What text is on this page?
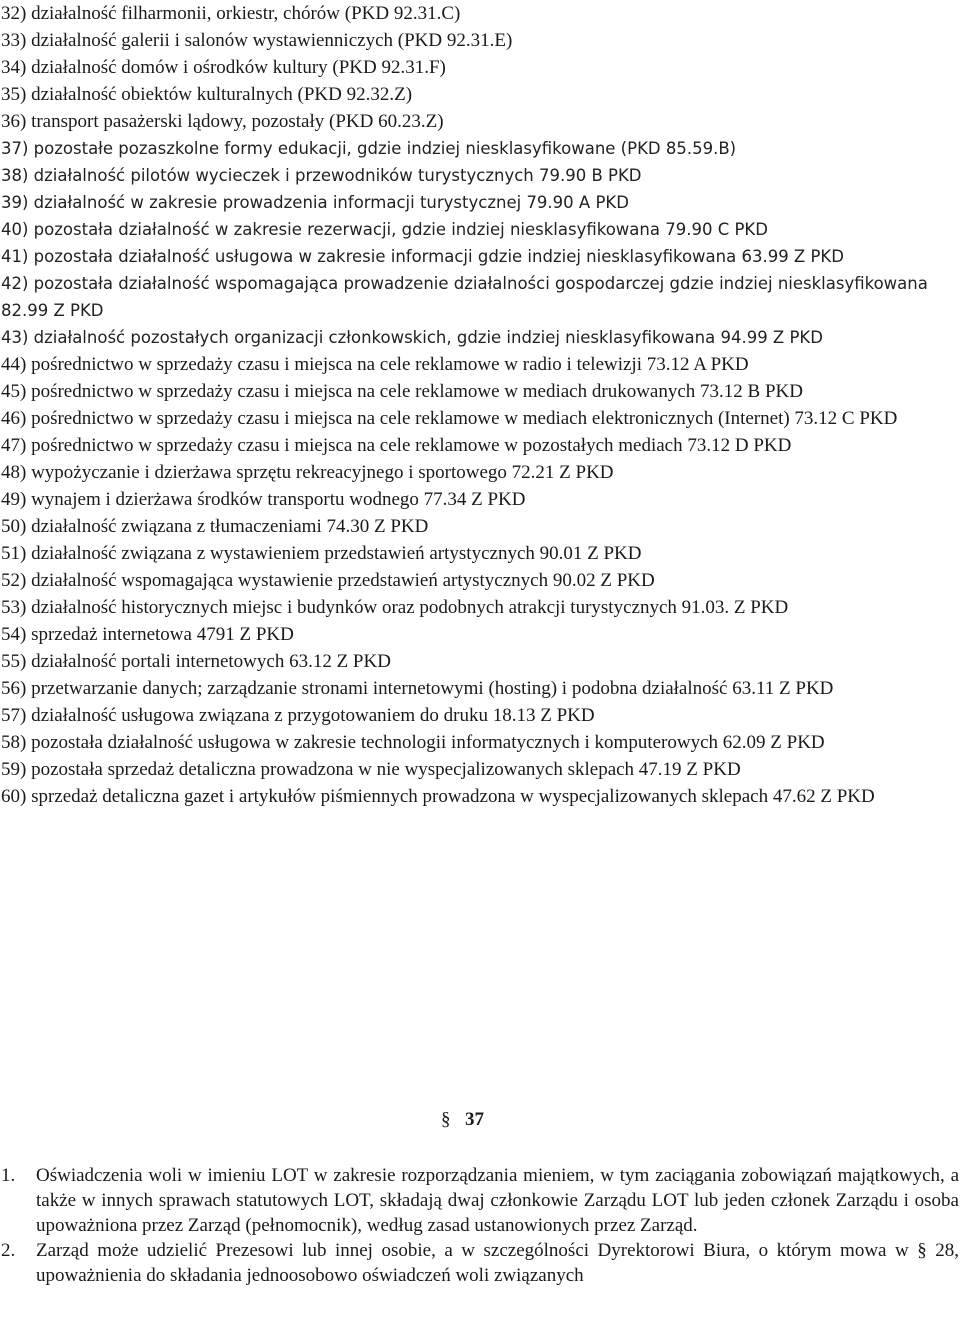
32) działalność filharmonii, orkiestr, chórów (PKD 92.31.C)
33) działalność galerii i salonów wystawienniczych (PKD 92.31.E)
34) działalność domów i ośrodków kultury (PKD 92.31.F)
35) działalność obiektów kulturalnych (PKD 92.32.Z)
36) transport pasażerski lądowy, pozostały (PKD 60.23.Z)
37) pozostałe pozaszkolne formy edukacji, gdzie indziej niesklasyfikowane (PKD 85.59.B)
38) działalność pilotów wycieczek i przewodników turystycznych 79.90 B PKD
39) działalność w zakresie prowadzenia informacji turystycznej 79.90 A PKD
40) pozostała działalność w zakresie rezerwacji, gdzie indziej niesklasyfikowana 79.90 C PKD
41) pozostała działalność usługowa w zakresie informacji gdzie indziej niesklasyfikowana 63.99 Z PKD
42) pozostała działalność wspomagająca prowadzenie działalności gospodarczej gdzie indziej niesklasyfikowana 82.99 Z PKD
43) działalność pozostałych organizacji członkowskich, gdzie indziej niesklasyfikowana 94.99 Z PKD
44) pośrednictwo w sprzedaży czasu i miejsca na cele reklamowe w radio i telewizji 73.12 A PKD
45) pośrednictwo w sprzedaży czasu i miejsca na cele reklamowe w mediach drukowanych 73.12 B PKD
46) pośrednictwo w sprzedaży czasu i miejsca na cele reklamowe w mediach elektronicznych (Internet) 73.12 C PKD
47) pośrednictwo w sprzedaży czasu i miejsca na cele reklamowe w pozostałych mediach 73.12 D PKD
48) wypożyczanie i dzierżawa sprzętu rekreacyjnego i sportowego 72.21 Z PKD
49) wynajem i dzierżawa środków transportu wodnego 77.34 Z PKD
50) działalność związana z tłumaczeniami 74.30 Z PKD
51) działalność związana z wystawieniem przedstawień artystycznych 90.01 Z PKD
52) działalność wspomagająca wystawienie przedstawień artystycznych 90.02 Z PKD
53) działalność historycznych miejsc i budynków oraz podobnych atrakcji turystycznych 91.03. Z PKD
54) sprzedaż internetowa 4791 Z PKD
55) działalność portali internetowych 63.12 Z PKD
56) przetwarzanie danych; zarządzanie stronami internetowymi (hosting) i podobna działalność 63.11 Z PKD
57) działalność usługowa związana z przygotowaniem do druku 18.13 Z PKD
58) pozostała działalność usługowa w zakresie technologii informatycznych i komputerowych 62.09 Z PKD
59) pozostała sprzedaż detaliczna prowadzona w nie wyspecjalizowanych sklepach 47.19 Z PKD
60) sprzedaż detaliczna gazet i artykułów piśmiennych prowadzona w wyspecjalizowanych sklepach 47.62 Z PKD
§ 37
1.	Oświadczenia woli w imieniu LOT w zakresie rozporządzania mieniem, w tym zaciągania zobowiązań majątkowych, a także w innych sprawach statutowych LOT, składają dwaj członkowie Zarządu LOT lub jeden członek Zarządu i osoba upoważniona przez Zarząd (pełnomocnik), według zasad ustanowionych przez Zarząd.
2.	Zarząd może udzielić Prezesowi lub innej osobie, a w szczególności Dyrektorowi Biura, o którym mowa w § 28, upoważnienia do składania jednoosobowo oświadczeń woli związanych
